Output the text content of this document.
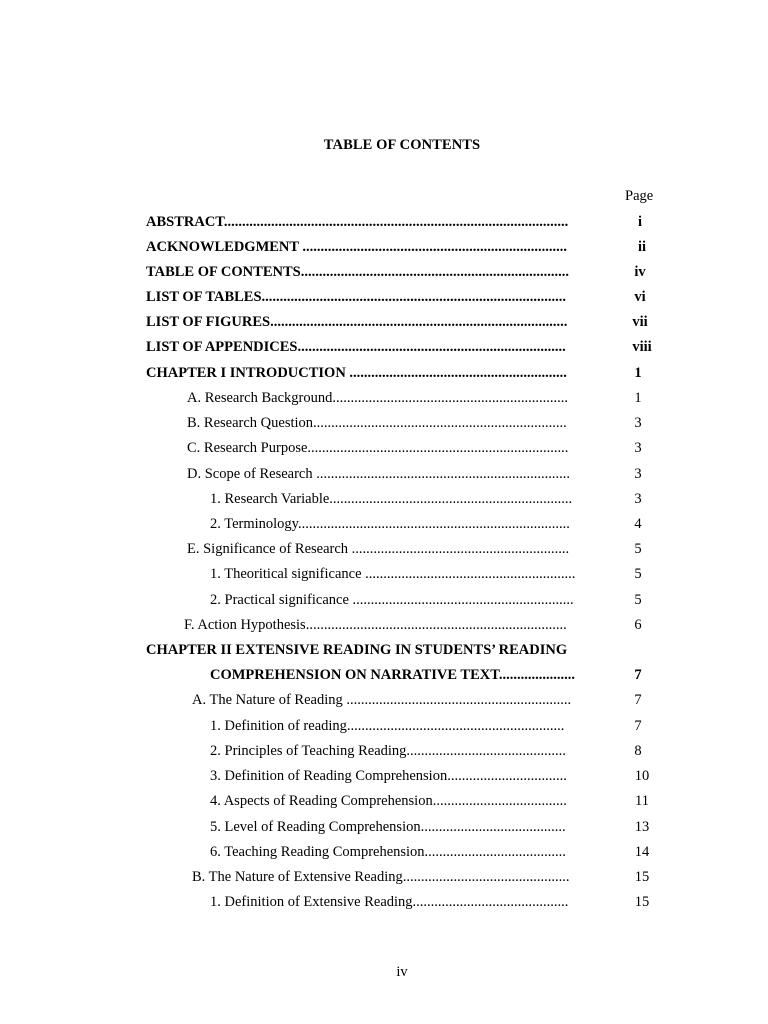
TABLE OF CONTENTS
Page
ABSTRACT...............................................................................................	i
ACKNOWLEDGMENT .........................................................................	ii
TABLE OF CONTENTS..........................................................................	iv
LIST OF TABLES....................................................................................	vi
LIST OF FIGURES..................................................................................	vii
LIST OF APPENDICES..........................................................................	viii
CHAPTER I INTRODUCTION ............................................................	1
A. Research Background.................................................................	1
B. Research Question......................................................................	3
C. Research Purpose........................................................................	3
D. Scope of Research ......................................................................	3
1. Research Variable...................................................................	3
2. Terminology...........................................................................	4
E. Significance of Research ............................................................	5
1. Theoritical significance ..........................................................	5
2. Practical significance .............................................................	5
F. Action Hypothesis........................................................................	6
CHAPTER II EXTENSIVE READING IN STUDENTS’ READING
COMPREHENSION ON NARRATIVE TEXT.....................	7
A. The Nature of Reading ..............................................................	7
1. Definition of reading............................................................	7
2. Principles of Teaching Reading............................................	8
3. Definition of Reading Comprehension.................................	10
4. Aspects of Reading Comprehension.....................................	11
5. Level of Reading Comprehension........................................	13
6. Teaching Reading Comprehension.......................................	14
B. The Nature of Extensive Reading..............................................	15
1. Definition of Extensive Reading...........................................	15
iv
